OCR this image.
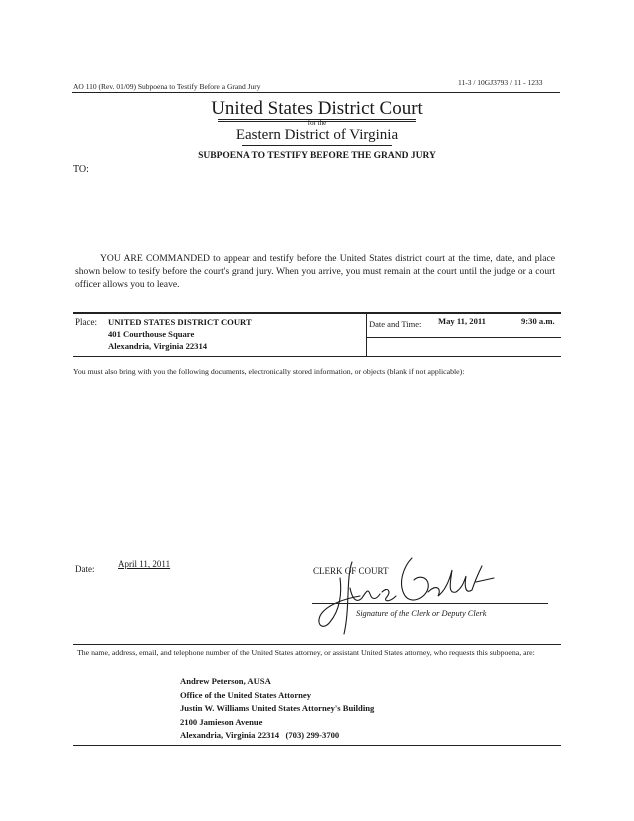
AO 110 (Rev. 01/09) Subpoena to Testify Before a Grand Jury	11-3 / 10GJ3793 / 11 - 1233
United States District Court
for the
Eastern District of Virginia
SUBPOENA TO TESTIFY BEFORE THE GRAND JURY
TO:
YOU ARE COMMANDED to appear and testify before the United States district court at the time, date, and place shown below to tesify before the court's grand jury. When you arrive, you must remain at the court until the judge or a court officer allows you to leave.
Place: UNITED STATES DISTRICT COURT
401 Courthouse Square
Alexandria, Virginia 22314
Date and Time: May 11, 2011	9:30 a.m.
You must also bring with you the following documents, electronically stored information, or objects (blank if not applicable):
Date:	April 11, 2011
CLERK OF COURT
Signature of the Clerk or Deputy Clerk
The name, address, email, and telephone number of the United States attorney, or assistant United States attorney, who requests this subpoena, are:
Andrew Peterson, AUSA
Office of the United States Attorney
Justin W. Williams United States Attorney's Building
2100 Jamieson Avenue
Alexandria, Virginia 22314   (703) 299-3700
